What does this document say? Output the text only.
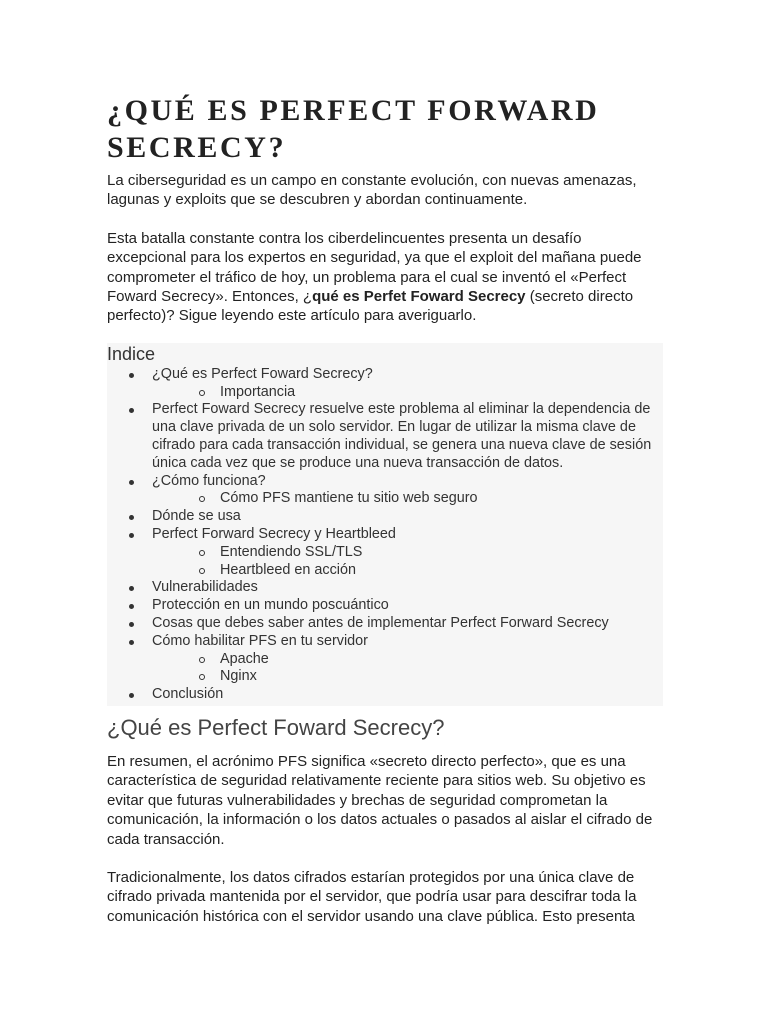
¿QUÉ ES PERFECT FORWARD SECRECY?

La ciberseguridad es un campo en constante evolución, con nuevas amenazas, lagunas y exploits que se descubren y abordan continuamente.

Esta batalla constante contra los ciberdelincuentes presenta un desafío excepcional para los expertos en seguridad, ya que el exploit del mañana puede comprometer el tráfico de hoy, un problema para el cual se inventó el «Perfect Foward Secrecy». Entonces, ¿qué es Perfet Foward Secrecy (secreto directo perfecto)? Sigue leyendo este artículo para averiguarlo.

Indice
¿Qué es Perfect Foward Secrecy?
Importancia
Perfect Foward Secrecy resuelve este problema al eliminar la dependencia de una clave privada de un solo servidor. En lugar de utilizar la misma clave de cifrado para cada transacción individual, se genera una nueva clave de sesión única cada vez que se produce una nueva transacción de datos.
¿Cómo funciona?
Cómo PFS mantiene tu sitio web seguro
Dónde se usa
Perfect Forward Secrecy y Heartbleed
Entendiendo SSL/TLS
Heartbleed en acción
Vulnerabilidades
Protección en un mundo poscuántico
Cosas que debes saber antes de implementar Perfect Forward Secrecy
Cómo habilitar PFS en tu servidor
Apache
Nginx
Conclusión
¿Qué es Perfect Foward Secrecy?

En resumen, el acrónimo PFS significa «secreto directo perfecto», que es una característica de seguridad relativamente reciente para sitios web. Su objetivo es evitar que futuras vulnerabilidades y brechas de seguridad comprometan la comunicación, la información o los datos actuales o pasados al aislar el cifrado de cada transacción.

Tradicionalmente, los datos cifrados estarían protegidos por una única clave de cifrado privada mantenida por el servidor, que podría usar para descifrar toda la comunicación histórica con el servidor usando una clave pública. Esto presenta
